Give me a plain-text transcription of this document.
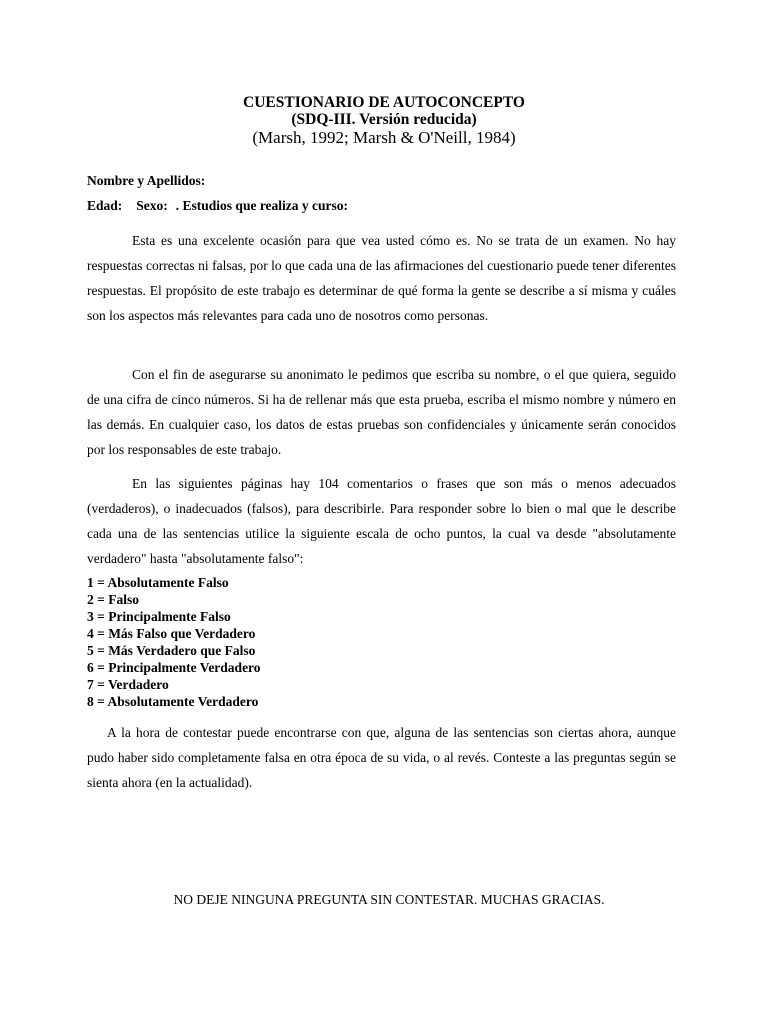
CUESTIONARIO DE AUTOCONCEPTO
(SDQ-III. Versión reducida)
(Marsh, 1992; Marsh & O'Neill, 1984)
Nombre y Apellidos:
Edad: Sexo: . Estudios que realiza y curso:

Esta es una excelente ocasión para que vea usted cómo es. No se trata de un examen. No hay respuestas correctas ni falsas, por lo que cada una de las afirmaciones del cuestionario puede tener diferentes respuestas. El propósito de este trabajo es determinar de qué forma la gente se describe a sí misma y cuáles son los aspectos más relevantes para cada uno de nosotros como personas.

Con el fin de asegurarse su anonimato le pedimos que escriba su nombre, o el que quiera, seguido de una cifra de cinco números. Si ha de rellenar más que esta prueba, escriba el mismo nombre y número en las demás. En cualquier caso, los datos de estas pruebas son confidenciales y únicamente serán conocidos por los responsables de este trabajo.

En las siguientes páginas hay 104 comentarios o frases que son más o menos adecuados (verdaderos), o inadecuados (falsos), para describirle. Para responder sobre lo bien o mal que le describe cada una de las sentencias utilice la siguiente escala de ocho puntos, la cual va desde "absolutamente verdadero" hasta "absolutamente falso":

1 = Absolutamente Falso
2 = Falso
3 = Principalmente Falso
4 = Más Falso que Verdadero
5 = Más Verdadero que Falso
6 = Principalmente Verdadero
7 = Verdadero
8 = Absolutamente Verdadero

A la hora de contestar puede encontrarse con que, alguna de las sentencias son ciertas ahora, aunque pudo haber sido completamente falsa en otra época de su vida, o al revés. Conteste a las preguntas según se sienta ahora (en la actualidad).

NO DEJE NINGUNA PREGUNTA SIN CONTESTAR. MUCHAS GRACIAS.
